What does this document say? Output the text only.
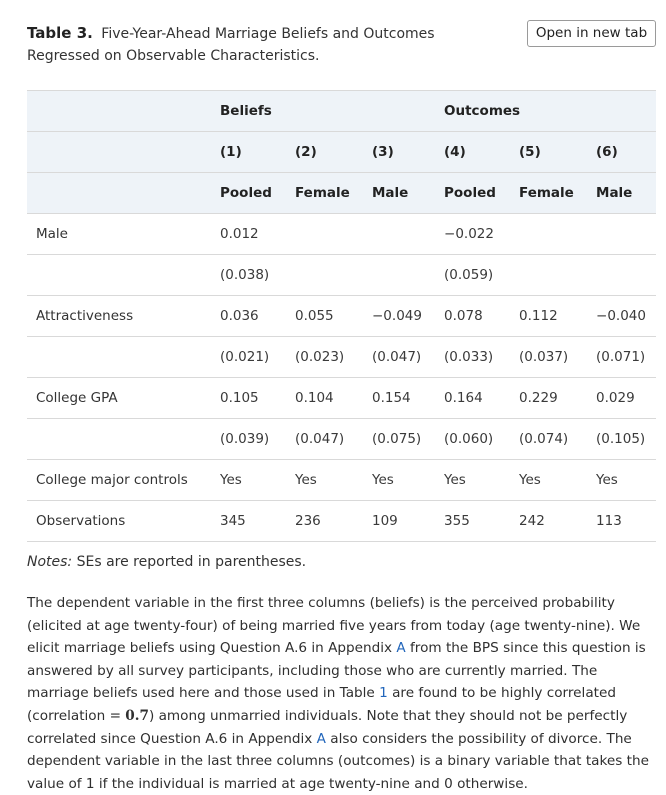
Table 3. Five-Year-Ahead Marriage Beliefs and Outcomes Regressed on Observable Characteristics.
Open in new tab
	Beliefs			Outcomes		
	(1)	(2)	(3)	(4)	(5)	(6)
	Pooled	Female	Male	Pooled	Female	Male
Male	0.012			−0.022		
	(0.038)			(0.059)		
Attractiveness	0.036	0.055	−0.049	0.078	0.112	−0.040
	(0.021)	(0.023)	(0.047)	(0.033)	(0.037)	(0.071)
College GPA	0.105	0.104	0.154	0.164	0.229	0.029
	(0.039)	(0.047)	(0.075)	(0.060)	(0.074)	(0.105)
College major controls	Yes	Yes	Yes	Yes	Yes	Yes
Observations	345	236	109	355	242	113
Notes: SEs are reported in parentheses.
The dependent variable in the first three columns (beliefs) is the perceived probability (elicited at age twenty-four) of being married five years from today (age twenty-nine). We elicit marriage beliefs using Question A.6 in Appendix A from the BPS since this question is answered by all survey participants, including those who are currently married. The marriage beliefs used here and those used in Table 1 are found to be highly correlated (correlation = 0.7) among unmarried individuals. Note that they should not be perfectly correlated since Question A.6 in Appendix A also considers the possibility of divorce. The dependent variable in the last three columns (outcomes) is a binary variable that takes the value of 1 if the individual is married at age twenty-nine and 0 otherwise.
